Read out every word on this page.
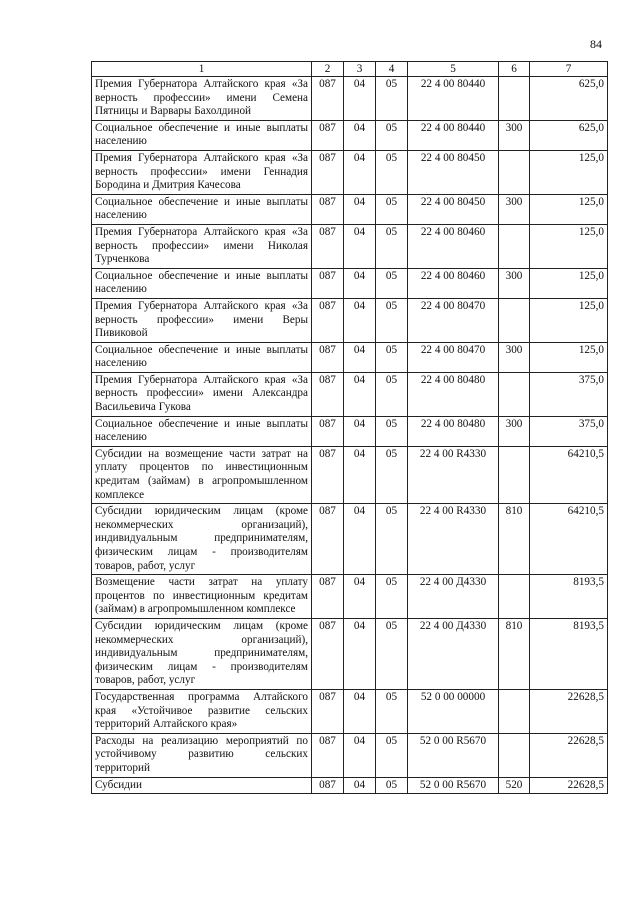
84
1	2	3	4	5	6	7
Премия Губернатора Алтайского края «За верность профессии» имени Семена Пятницы и Варвары Бахолдиной	087	04	05	22 4 00 80440		625,0
Социальное обеспечение и иные выплаты населению	087	04	05	22 4 00 80440	300	625,0
Премия Губернатора Алтайского края «За верность профессии» имени Геннадия Бородина и Дмитрия Качесова	087	04	05	22 4 00 80450		125,0
Социальное обеспечение и иные выплаты населению	087	04	05	22 4 00 80450	300	125,0
Премия Губернатора Алтайского края «За верность профессии» имени Николая Турченкова	087	04	05	22 4 00 80460		125,0
Социальное обеспечение и иные выплаты населению	087	04	05	22 4 00 80460	300	125,0
Премия Губернатора Алтайского края «За верность профессии» имени Веры Пивиковой	087	04	05	22 4 00 80470		125,0
Социальное обеспечение и иные выплаты населению	087	04	05	22 4 00 80470	300	125,0
Премия Губернатора Алтайского края «За верность профессии» имени Александра Васильевича Гукова	087	04	05	22 4 00 80480		375,0
Социальное обеспечение и иные выплаты населению	087	04	05	22 4 00 80480	300	375,0
Субсидии на возмещение части затрат на уплату процентов по инвестиционным кредитам (займам) в агропромышленном комплексе	087	04	05	22 4 00 R4330		64210,5
Субсидии юридическим лицам (кроме некоммерческих организаций), индивидуальным предпринимателям, физическим лицам - производителям товаров, работ, услуг	087	04	05	22 4 00 R4330	810	64210,5
Возмещение части затрат на уплату процентов по инвестиционным кредитам (займам) в агропромышленном комплексе	087	04	05	22 4 00 Д4330		8193,5
Субсидии юридическим лицам (кроме некоммерческих организаций), индивидуальным предпринимателям, физическим лицам - производителям товаров, работ, услуг	087	04	05	22 4 00 Д4330	810	8193,5
Государственная программа Алтайского края «Устойчивое развитие сельских территорий Алтайского края»	087	04	05	52 0 00 00000		22628,5
Расходы на реализацию мероприятий по устойчивому развитию сельских территорий	087	04	05	52 0 00 R5670		22628,5
Субсидии	087	04	05	52 0 00 R5670	520	22628,5
